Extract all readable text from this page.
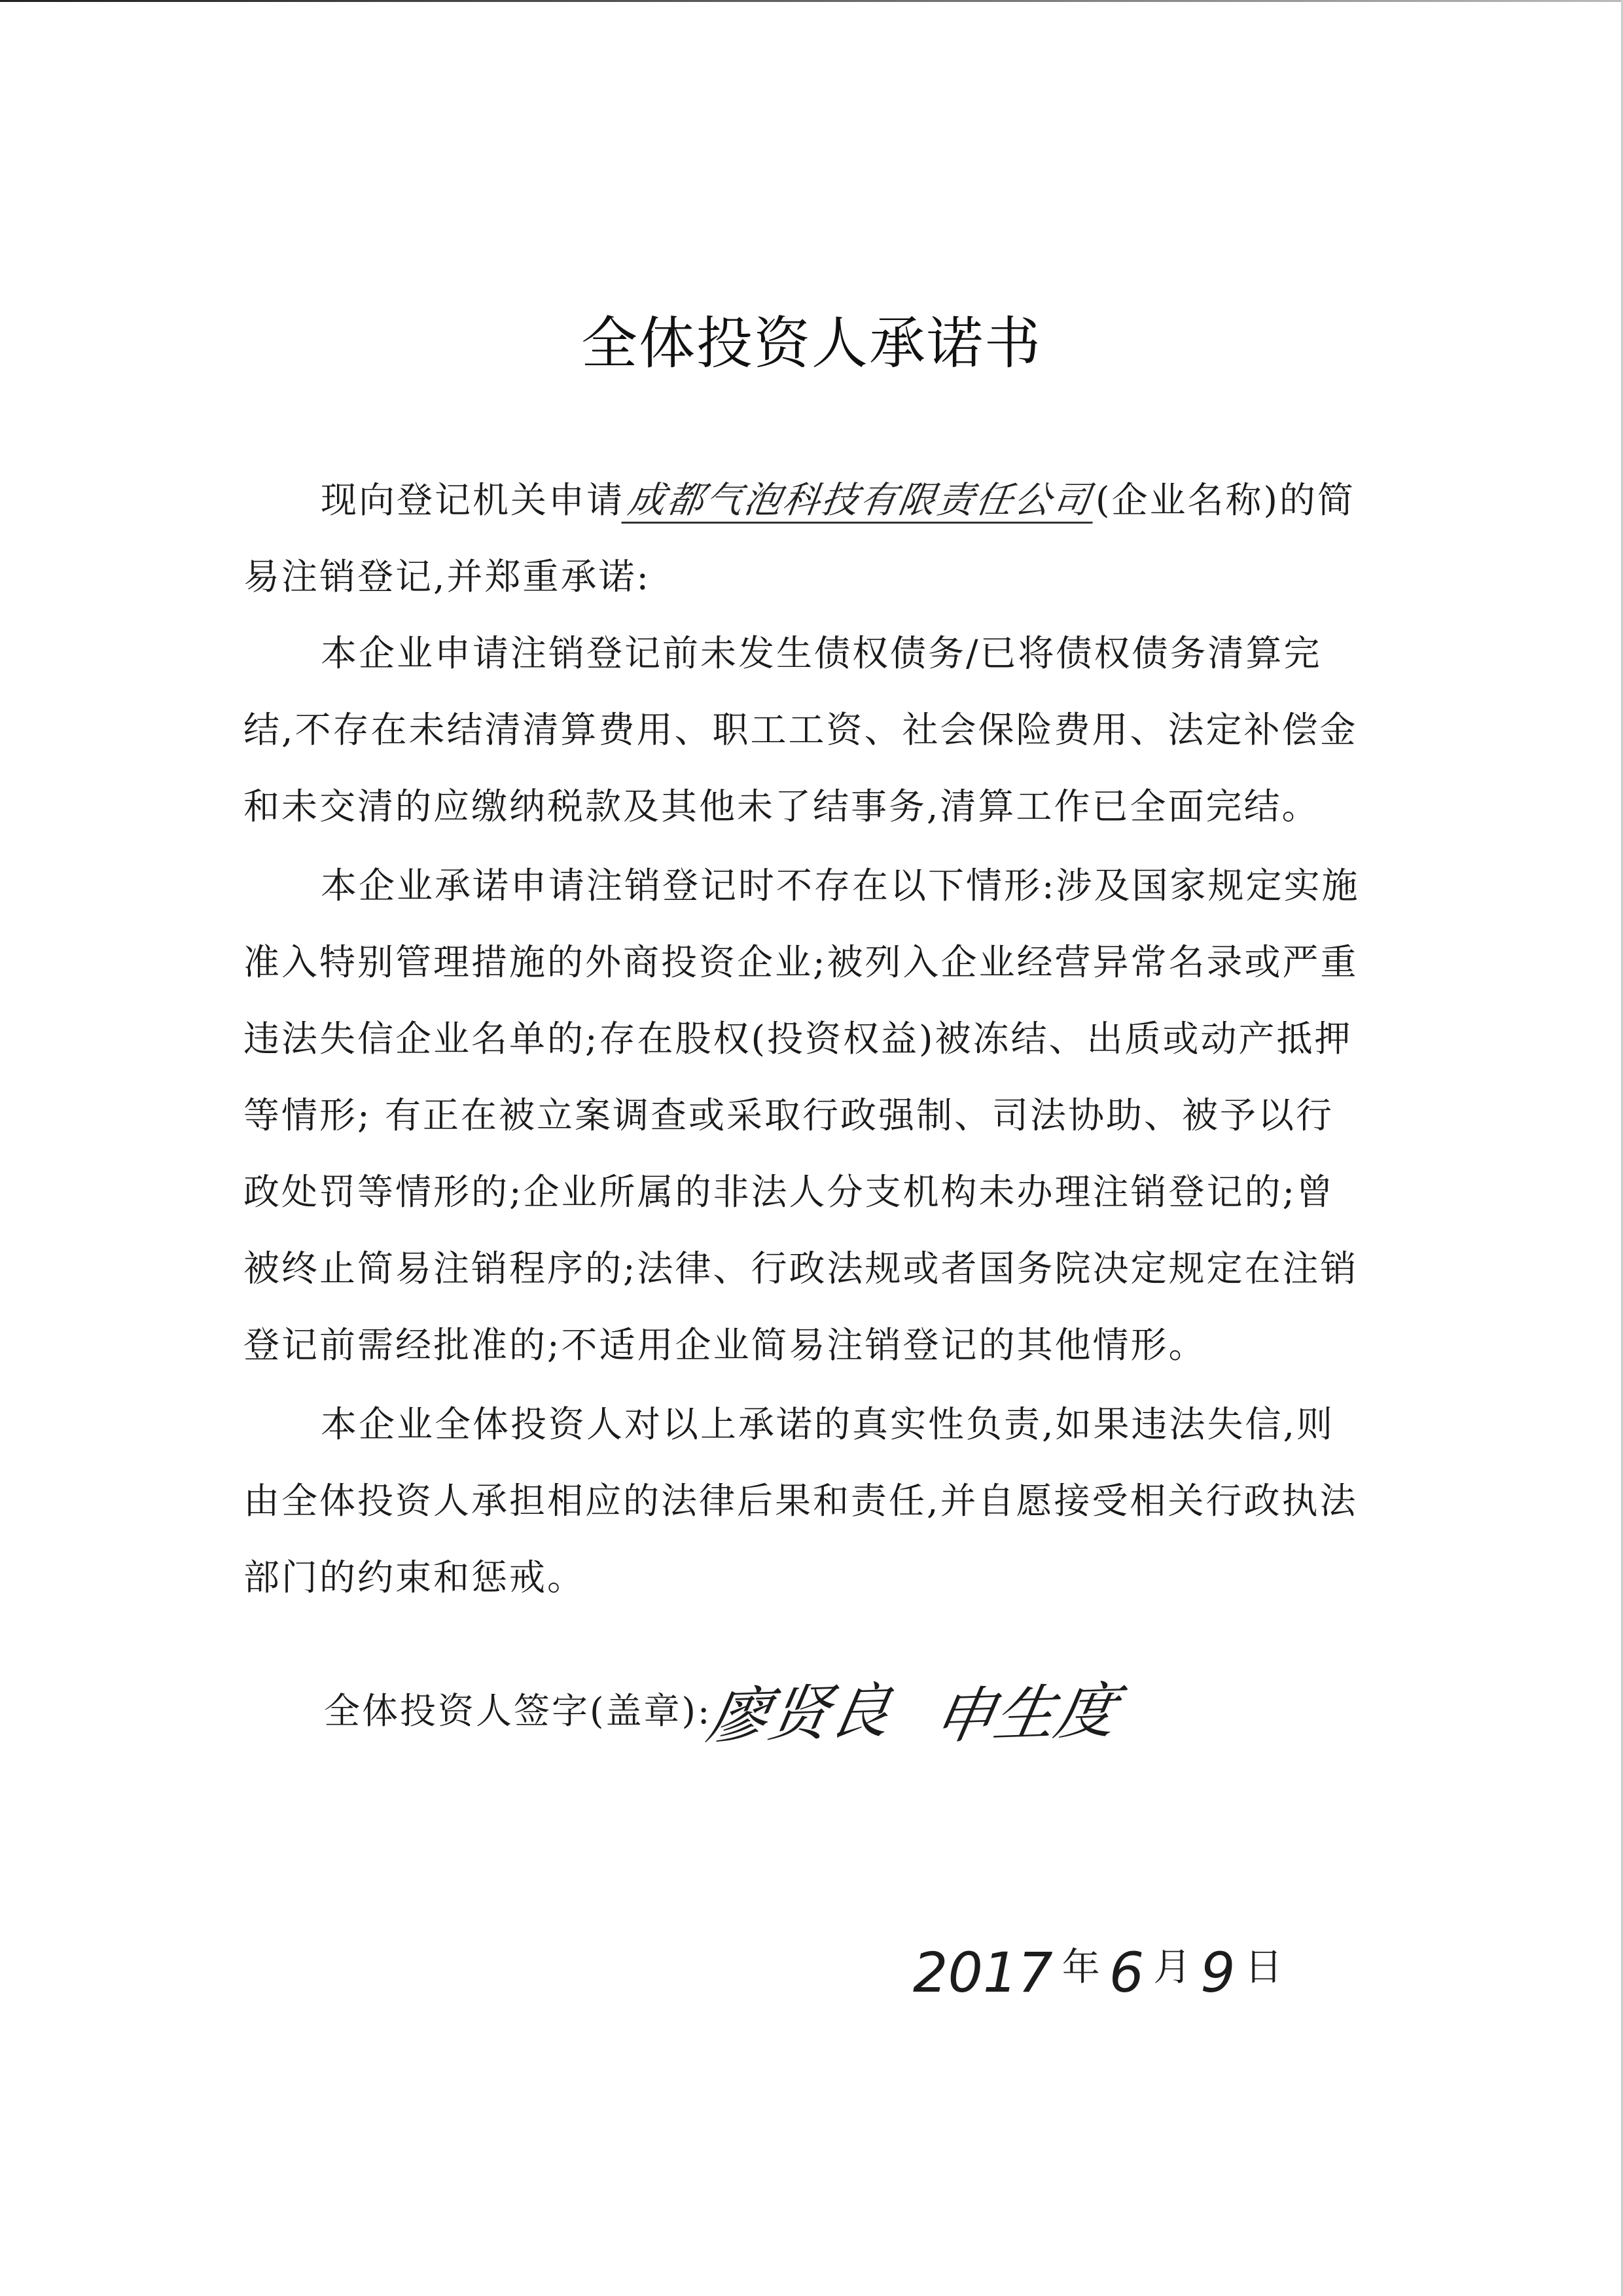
全体投资人承诺书
现向登记机关申请成都气泡科技有限责任公司(企业名称)的简易注销登记,并郑重承诺:
本企业申请注销登记前未发生债权债务/已将债权债务清算完结,不存在未结清清算费用、职工工资、社会保险费用、法定补偿金和未交清的应缴纳税款及其他未了结事务,清算工作已全面完结。
本企业承诺申请注销登记时不存在以下情形:涉及国家规定实施准入特别管理措施的外商投资企业;被列入企业经营异常名录或严重违法失信企业名单的;存在股权(投资权益)被冻结、出质或动产抵押等情形; 有正在被立案调查或采取行政强制、司法协助、被予以行政处罚等情形的;企业所属的非法人分支机构未办理注销登记的;曾被终止简易注销程序的;法律、行政法规或者国务院决定规定在注销登记前需经批准的;不适用企业简易注销登记的其他情形。
本企业全体投资人对以上承诺的真实性负责,如果违法失信,则由全体投资人承担相应的法律后果和责任,并自愿接受相关行政执法部门的约束和惩戒。
全体投资人签字(盖章):
廖贤良 申生度
2017 $^年$ 6 $^月$ 9 $^日$
